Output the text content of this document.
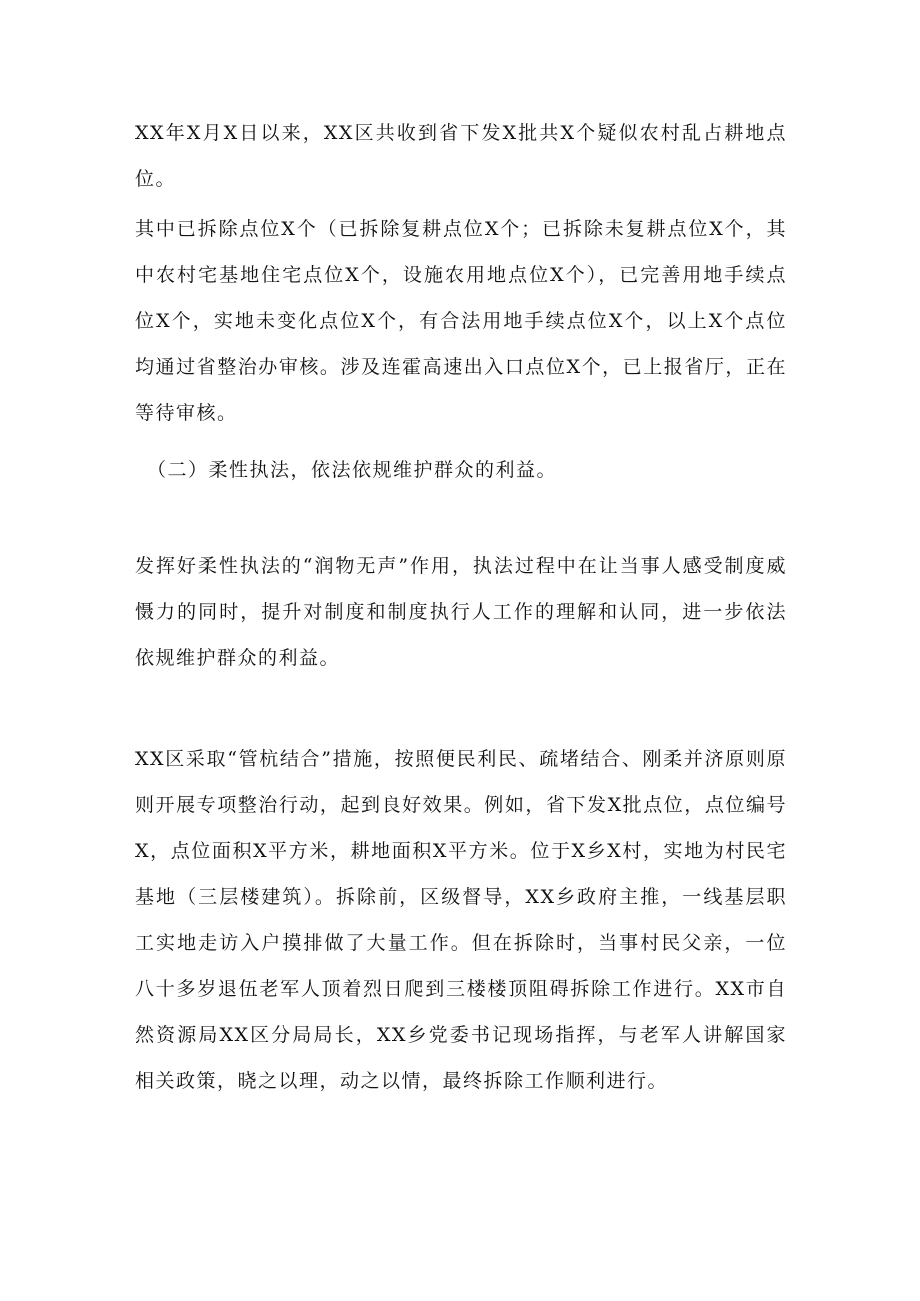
XX年X月X日以来，XX区共收到省下发X批共X个疑似农村乱占耕地点位。

其中已拆除点位X个（已拆除复耕点位X个；已拆除未复耕点位X个，其中农村宅基地住宅点位X个，设施农用地点位X个），已完善用地手续点位X个，实地未变化点位X个，有合法用地手续点位X个，以上X个点位均通过省整治办审核。涉及连霍高速出入口点位X个，已上报省厅，正在等待审核。

（二）柔性执法，依法依规维护群众的利益。

发挥好柔性执法的“润物无声”作用，执法过程中在让当事人感受制度威慑力的同时，提升对制度和制度执行人工作的理解和认同，进一步依法依规维护群众的利益。

XX区采取“管杭结合”措施，按照便民利民、疏堵结合、刚柔并济原则原则开展专项整治行动，起到良好效果。例如，省下发X批点位，点位编号X，点位面积X平方米，耕地面积X平方米。位于X乡X村，实地为村民宅基地（三层楼建筑）。拆除前，区级督导，XX乡政府主推，一线基层职工实地走访入户摸排做了大量工作。但在拆除时，当事村民父亲，一位八十多岁退伍老军人顶着烈日爬到三楼楼顶阻碍拆除工作进行。XX市自然资源局XX区分局局长，XX乡党委书记现场指挥，与老军人讲解国家相关政策，晓之以理，动之以情，最终拆除工作顺利进行。
